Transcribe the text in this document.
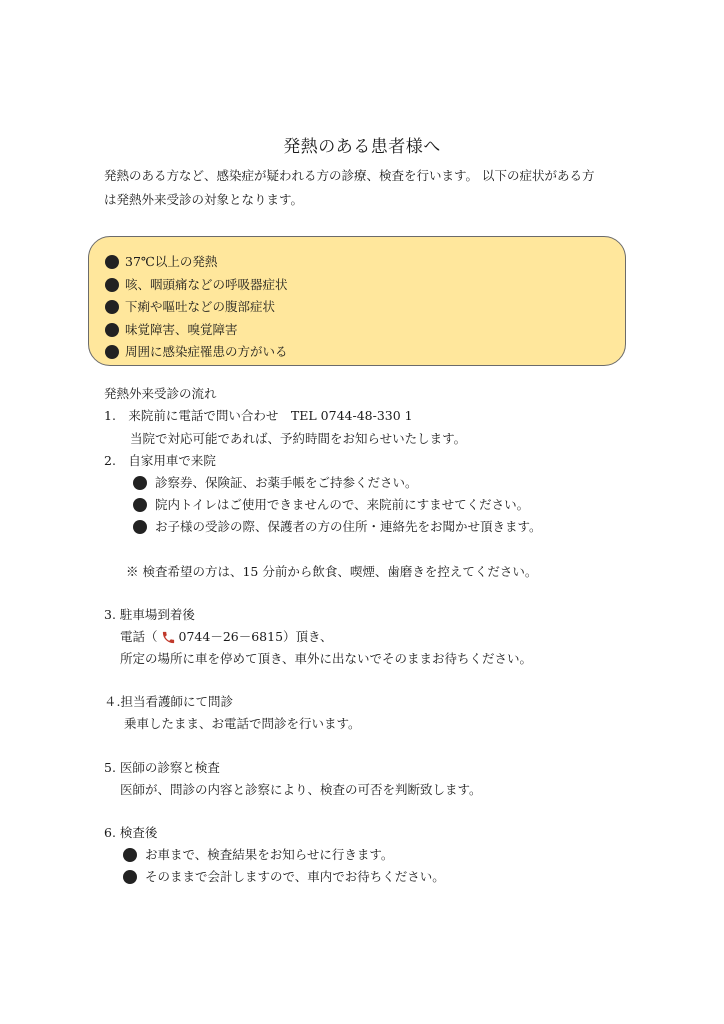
発熱のある患者様へ

発熱のある方など、感染症が疑われる方の診療、検査を行います。 以下の症状がある方
は発熱外来受診の対象となります。

37℃以上の発熱
咳、咽頭痛などの呼吸器症状
下痢や嘔吐などの腹部症状
味覚障害、嗅覚障害
周囲に感染症罹患の方がいる
発熱外来受診の流れ
1.　来院前に電話で問い合わせ　TEL 0744-48-330 1
当院で対応可能であれば、予約時間をお知らせいたします。
2.　自家用車で来院
診察券、保険証、お薬手帳をご持参ください。
院内トイレはご使用できませんので、来院前にすませてください。
お子様の受診の際、保護者の方の住所・連絡先をお聞かせ頂きます。
※ 検査希望の方は、15 分前から飲食、喫煙、歯磨きを控えてください。
3. 駐車場到着後
電話（ 0744－26－6815）頂き、
所定の場所に車を停めて頂き、車外に出ないでそのままお待ちください。
４.担当看護師にて問診
乗車したまま、お電話で問診を行います。
5. 医師の診察と検査
医師が、問診の内容と診察により、検査の可否を判断致します。
6. 検査後
お車まで、検査結果をお知らせに行きます。
そのままで会計しますので、車内でお待ちください。
